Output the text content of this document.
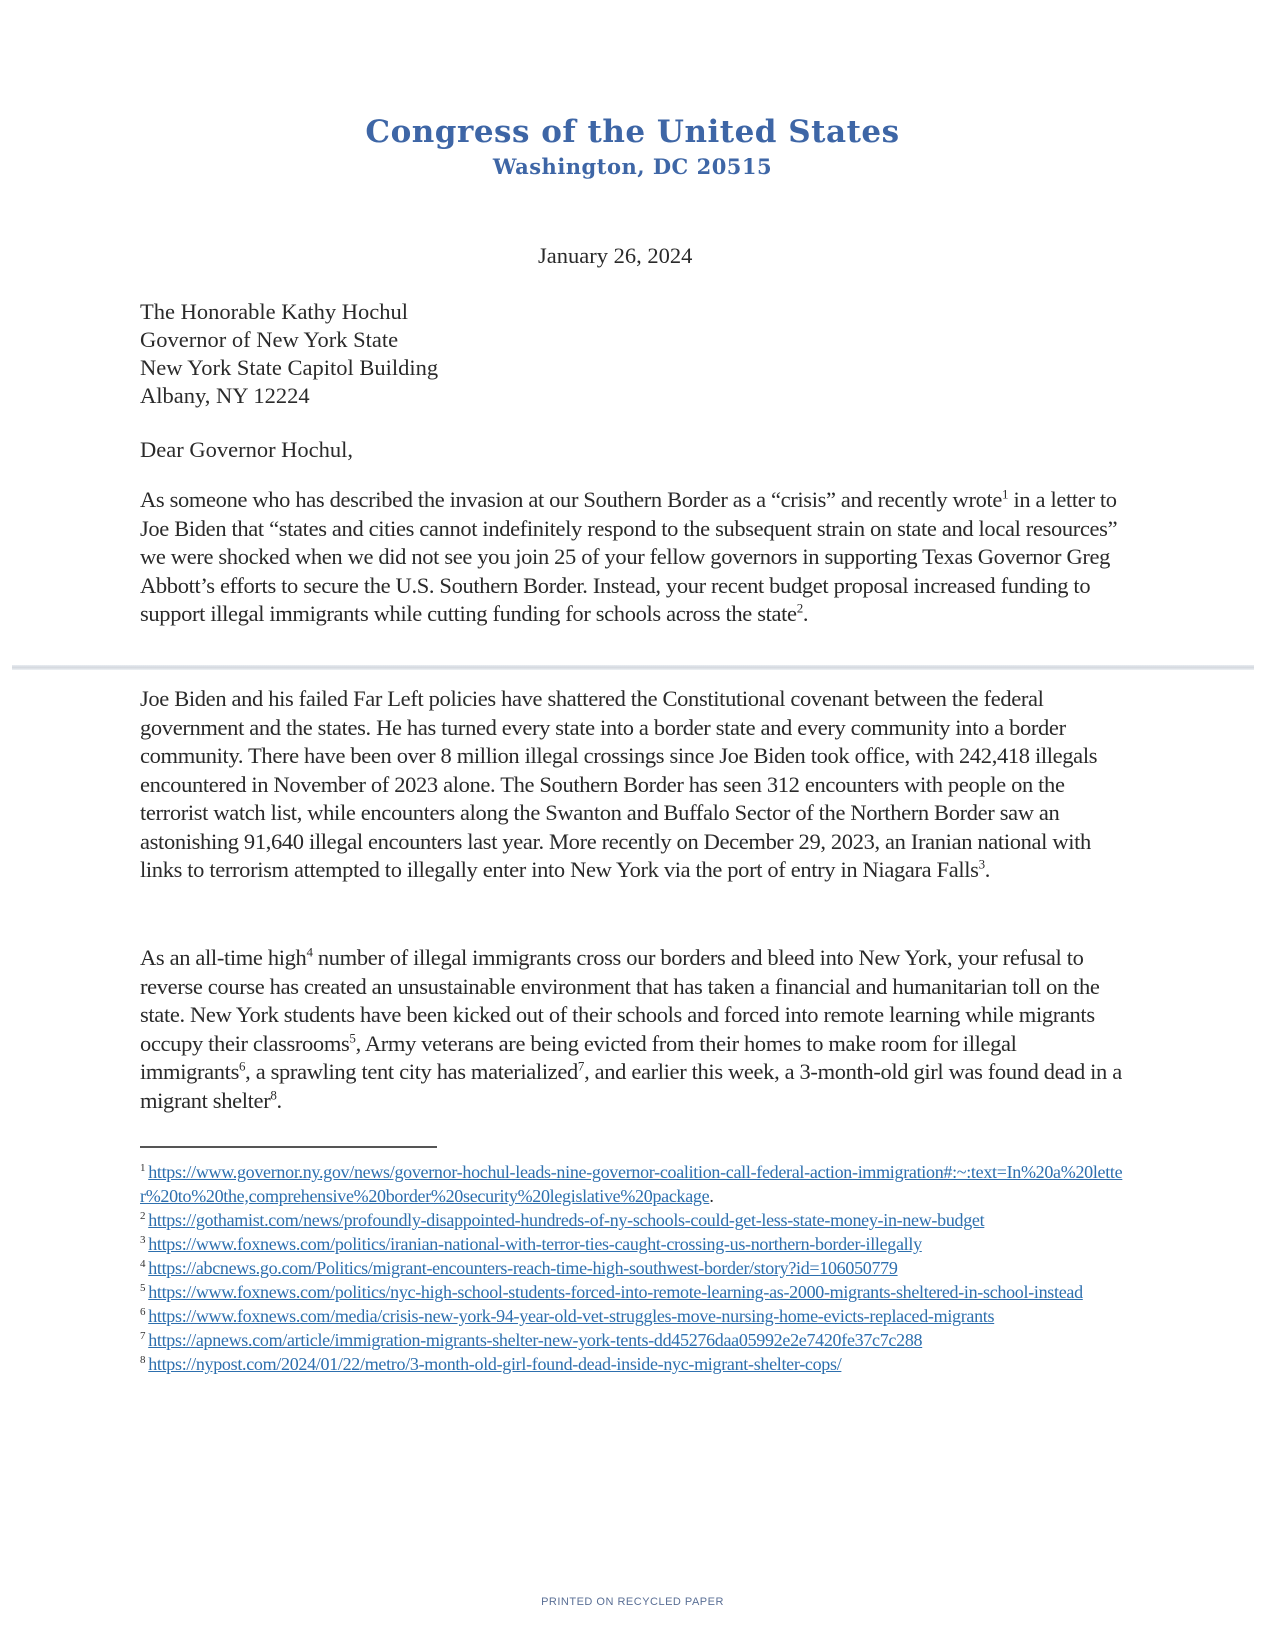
Congress of the United States
Washington, DC 20515
January 26, 2024
The Honorable Kathy Hochul
Governor of New York State
New York State Capitol Building
Albany, NY 12224
Dear Governor Hochul,
As someone who has described the invasion at our Southern Border as a “crisis” and recently wrote$^1$ in a letter to Joe Biden that “states and cities cannot indefinitely respond to the subsequent strain on state and local resources” we were shocked when we did not see you join 25 of your fellow governors in supporting Texas Governor Greg Abbott’s efforts to secure the U.S. Southern Border. Instead, your recent budget proposal increased funding to support illegal immigrants while cutting funding for schools across the state$^2$.
Joe Biden and his failed Far Left policies have shattered the Constitutional covenant between the federal government and the states. He has turned every state into a border state and every community into a border community. There have been over 8 million illegal crossings since Joe Biden took office, with 242,418 illegals encountered in November of 2023 alone. The Southern Border has seen 312 encounters with people on the terrorist watch list, while encounters along the Swanton and Buffalo Sector of the Northern Border saw an astonishing 91,640 illegal encounters last year. More recently on December 29, 2023, an Iranian national with links to terrorism attempted to illegally enter into New York via the port of entry in Niagara Falls$^3$.
As an all-time high$^4$ number of illegal immigrants cross our borders and bleed into New York, your refusal to reverse course has created an unsustainable environment that has taken a financial and humanitarian toll on the state. New York students have been kicked out of their schools and forced into remote learning while migrants occupy their classrooms$^5$, Army veterans are being evicted from their homes to make room for illegal immigrants$^6$, a sprawling tent city has materialized$^7$, and earlier this week, a 3-month-old girl was found dead in a migrant shelter$^8$.

$^1$ https://www.governor.ny.gov/news/governor-hochul-leads-nine-governor-coalition-call-federal-action-immigration#:~:text=In%20a%20letter%20to%20the,comprehensive%20border%20security%20legislative%20package.

$^2$ https://gothamist.com/news/profoundly-disappointed-hundreds-of-ny-schools-could-get-less-state-money-in-new-budget

$^3$ https://www.foxnews.com/politics/iranian-national-with-terror-ties-caught-crossing-us-northern-border-illegally

$^4$ https://abcnews.go.com/Politics/migrant-encounters-reach-time-high-southwest-border/story?id=106050779

$^5$ https://www.foxnews.com/politics/nyc-high-school-students-forced-into-remote-learning-as-2000-migrants-sheltered-in-school-instead

$^6$ https://www.foxnews.com/media/crisis-new-york-94-year-old-vet-struggles-move-nursing-home-evicts-replaced-migrants

$^7$ https://apnews.com/article/immigration-migrants-shelter-new-york-tents-dd45276daa05992e2e7420fe37c7c288

$^8$ https://nypost.com/2024/01/22/metro/3-month-old-girl-found-dead-inside-nyc-migrant-shelter-cops/

PRINTED ON RECYCLED PAPER
